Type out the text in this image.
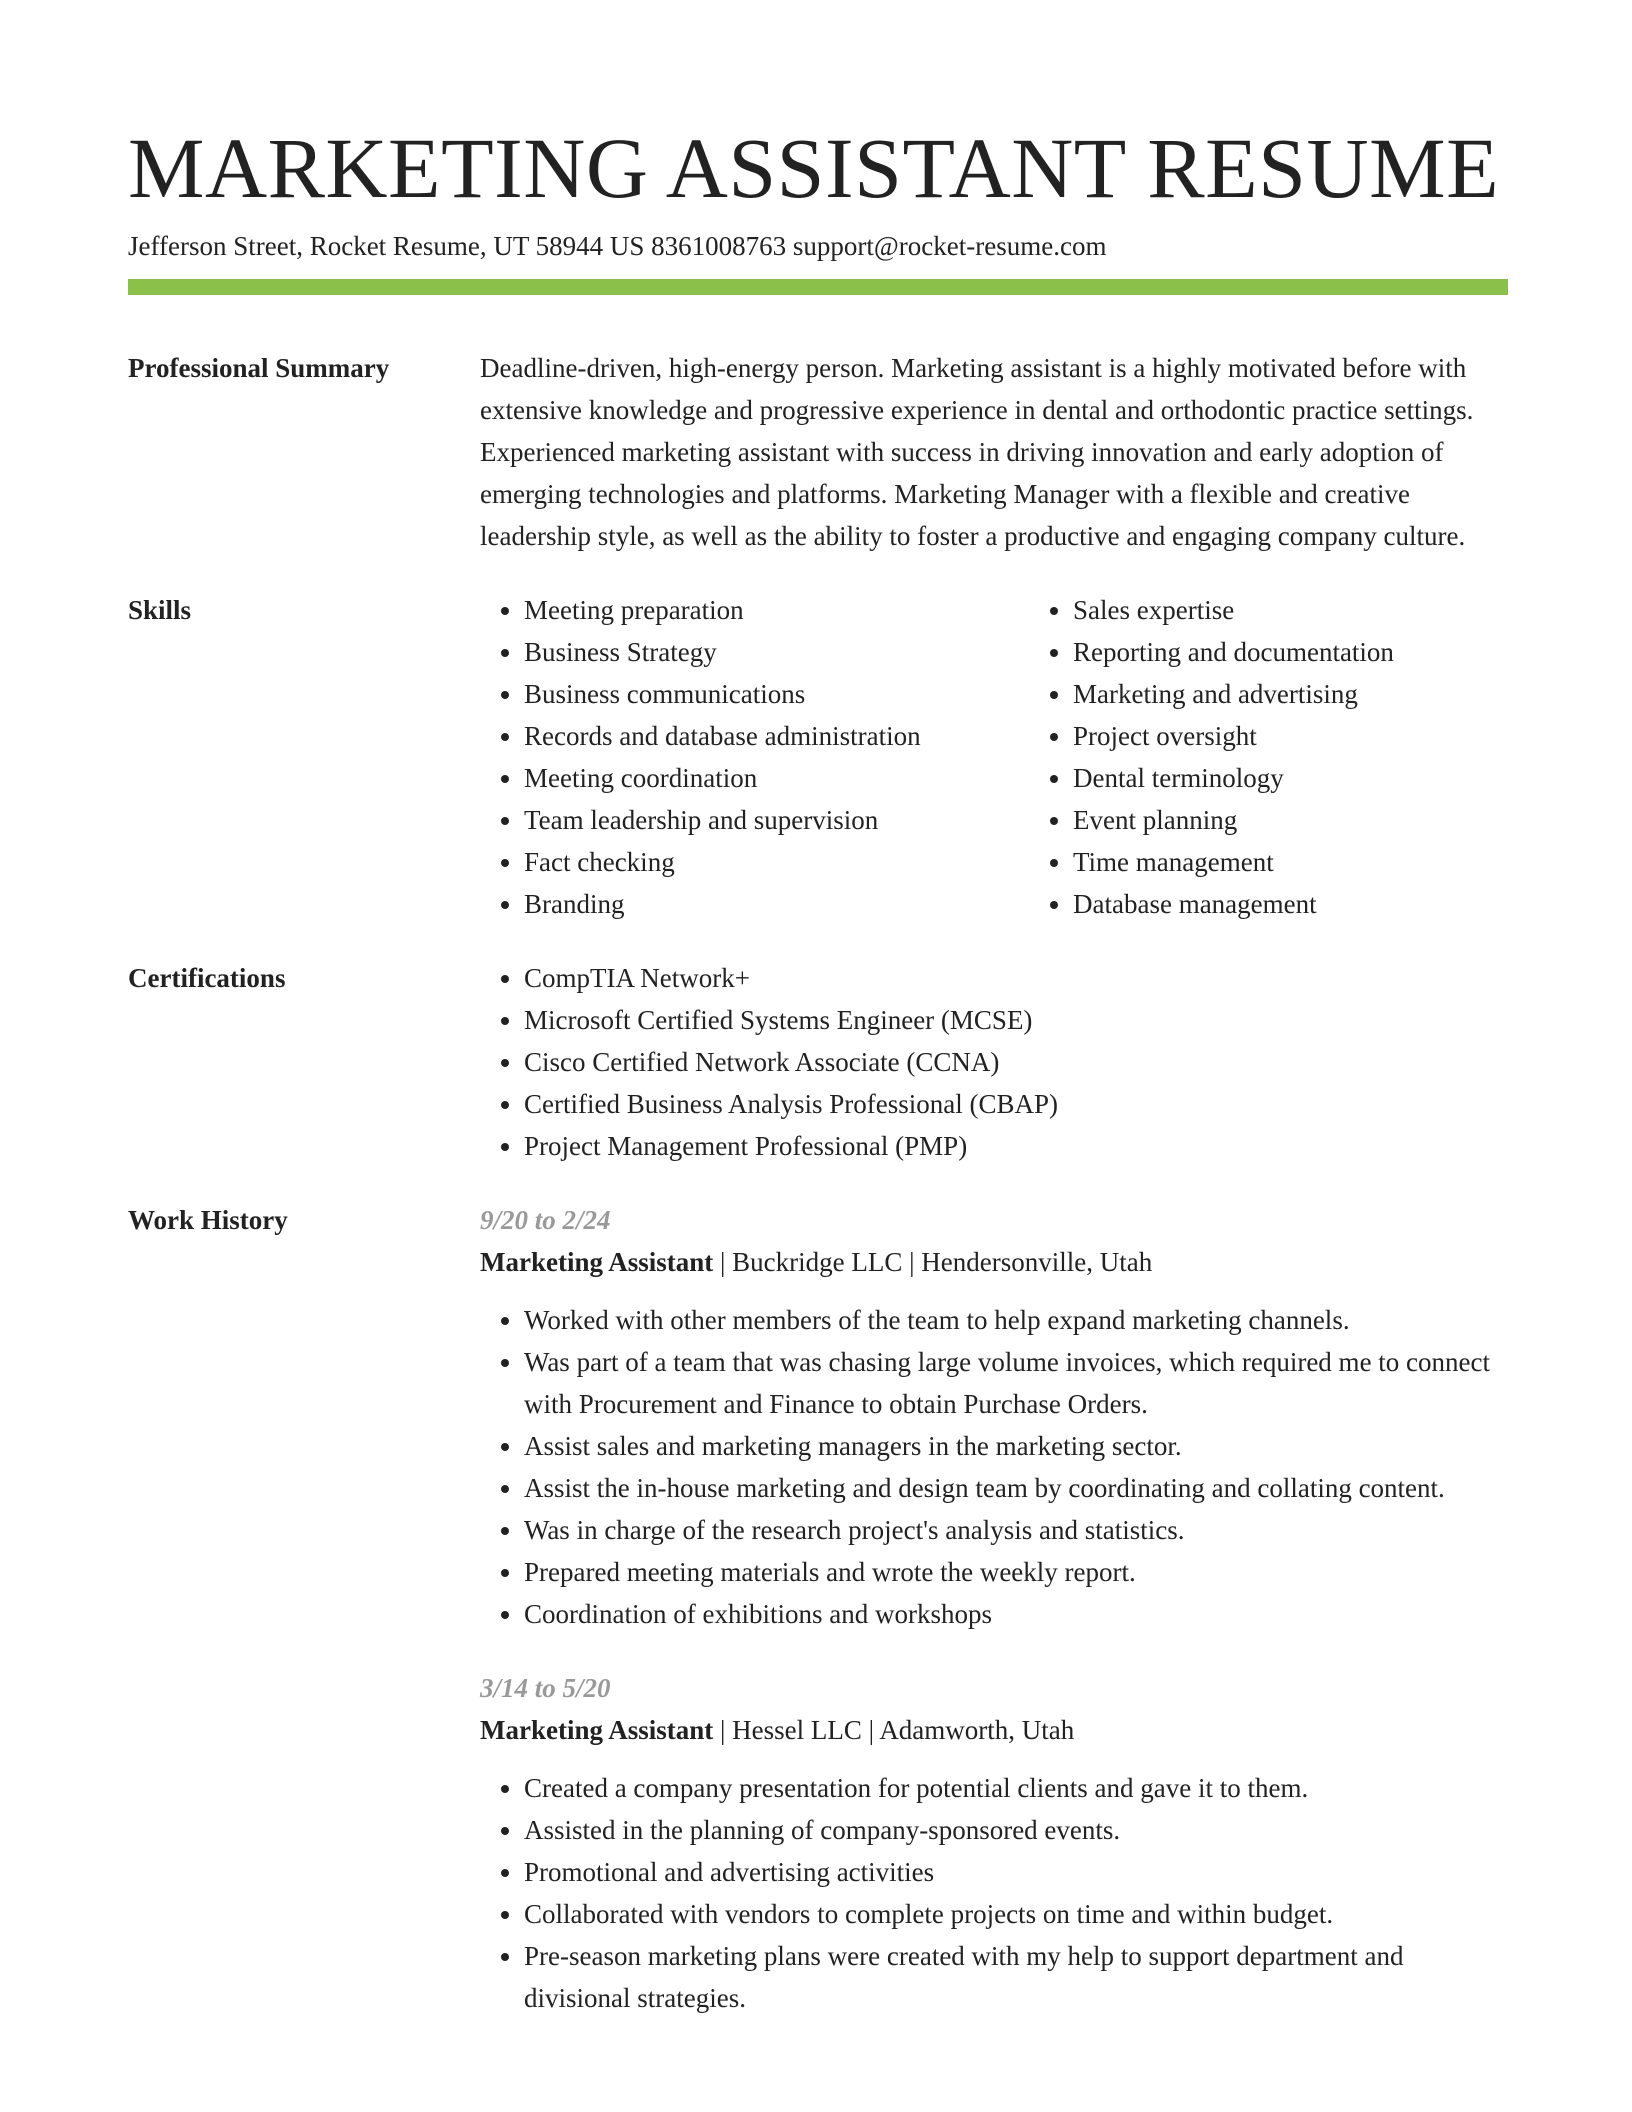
MARKETING ASSISTANT RESUME
Jefferson Street, Rocket Resume, UT 58944 US 8361008763 support@rocket-resume.com
Professional Summary	Deadline-driven, high-energy person. Marketing assistant is a highly motivated before with extensive knowledge and progressive experience in dental and orthodontic practice settings. Experienced marketing assistant with success in driving innovation and early adoption of emerging technologies and platforms. Marketing Manager with a flexible and creative leadership style, as well as the ability to foster a productive and engaging company culture.

Skills	• Meeting preparation
• Business Strategy
• Business communications
• Records and database administration
• Meeting coordination
• Team leadership and supervision
• Fact checking
• Branding
• Sales expertise
• Reporting and documentation
• Marketing and advertising
• Project oversight
• Dental terminology
• Event planning
• Time management
• Database management
Certifications	• CompTIA Network+
• Microsoft Certified Systems Engineer (MCSE)
• Cisco Certified Network Associate (CCNA)
• Certified Business Analysis Professional (CBAP)
• Project Management Professional (PMP)
Work History	9/20 to 2/24
Marketing Assistant | Buckridge LLC | Hendersonville, Utah
• Worked with other members of the team to help expand marketing channels.
• Was part of a team that was chasing large volume invoices, which required me to connect with Procurement and Finance to obtain Purchase Orders.
• Assist sales and marketing managers in the marketing sector.
• Assist the in-house marketing and design team by coordinating and collating content.
• Was in charge of the research project's analysis and statistics.
• Prepared meeting materials and wrote the weekly report.
• Coordination of exhibitions and workshops
3/14 to 5/20
Marketing Assistant | Hessel LLC | Adamworth, Utah
• Created a company presentation for potential clients and gave it to them.
• Assisted in the planning of company-sponsored events.
• Promotional and advertising activities
• Collaborated with vendors to complete projects on time and within budget.
• Pre-season marketing plans were created with my help to support department and divisional strategies.
